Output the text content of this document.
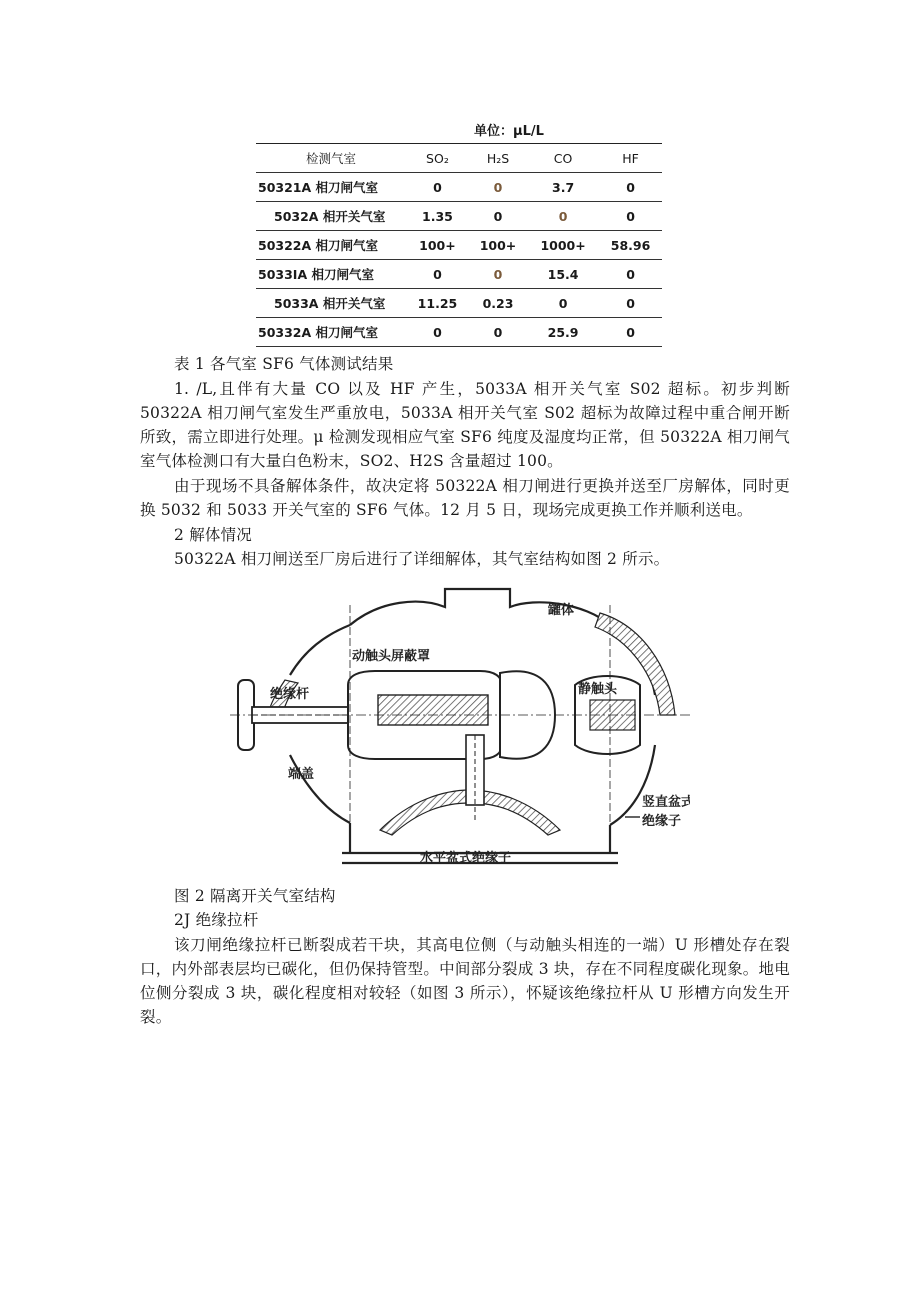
单位：μL/L
检测气室	SO₂	H₂S	CO	HF
50321A 相刀闸气室	0	0	3.7	0
5032A 相开关气室	1.35	0	0	0
50322A 相刀闸气室	100+	100+	1000+	58.96
5033IA 相刀闸气室	0	0	15.4	0
5033A 相开关气室	11.25	0.23	0	0
50332A 相刀闸气室	0	0	25.9	0

表 1 各气室 SF6 气体测试结果

1. /L,且伴有大量 CO 以及 HF 产生，5033A 相开关气室 S02 超标。初步判断 50322A 相刀闸气室发生严重放电，5033A 相开关气室 S02 超标为故障过程中重合闸开断所致，需立即进行处理。μ 检测发现相应气室 SF6 纯度及湿度均正常，但 50322A 相刀闸气室气体检测口有大量白色粉末，SO2、H2S 含量超过 100。

由于现场不具备解体条件，故决定将 50322A 相刀闸进行更换并送至厂房解体，同时更换 5032 和 5033 开关气室的 SF6 气体。12 月 5 日，现场完成更换工作并顺利送电。

2 解体情况

50322A 相刀闸送至厂房后进行了详细解体，其气室结构如图 2 所示。

罐体
动触头屏蔽罩
绝缘杆	静触头
端盖
竖直盆式
绝缘子
水平盆式绝缘子

图 2 隔离开关气室结构

2J 绝缘拉杆

该刀闸绝缘拉杆已断裂成若干块，其高电位侧（与动触头相连的一端）U 形槽处存在裂口，内外部表层均已碳化，但仍保持管型。中间部分裂成 3 块，存在不同程度碳化现象。地电位侧分裂成 3 块，碳化程度相对较轻（如图 3 所示），怀疑该绝缘拉杆从 U 形槽方向发生开裂。
